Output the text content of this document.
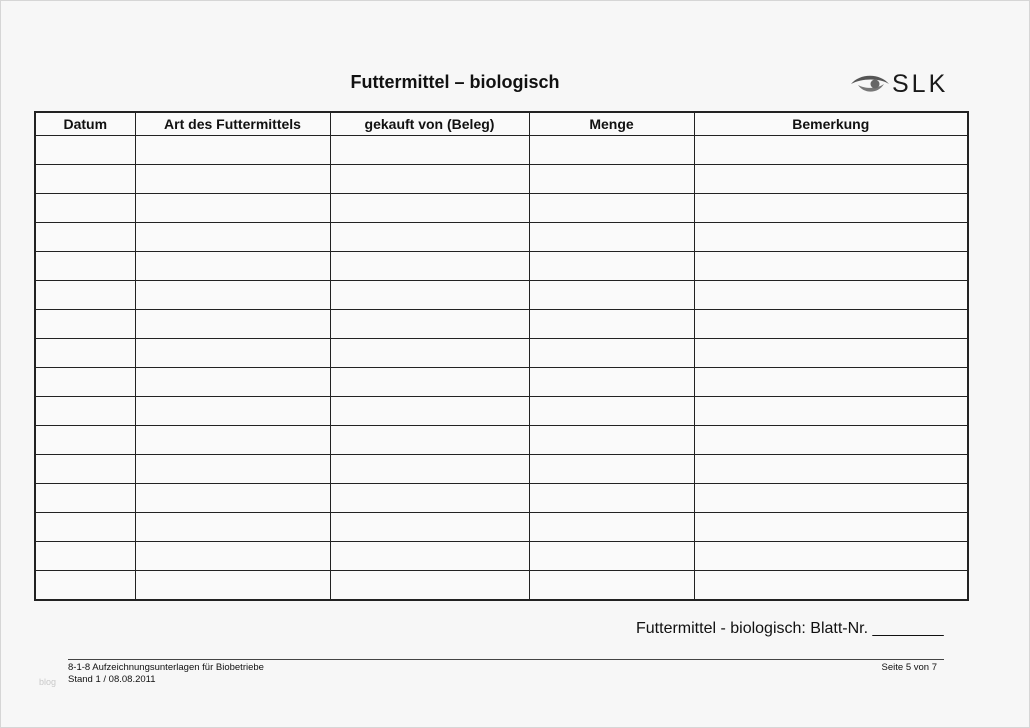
Futtermittel – biologisch	SLK
Datum	Art des Futtermittels	gekauft von (Beleg)	Menge	Bemerkung

Futtermittel - biologisch: Blatt-Nr. ________
8-1-8 Aufzeichnungsunterlagen für Biobetriebe
Stand 1 / 08.08.2011
Seite 5 von 7
blog
